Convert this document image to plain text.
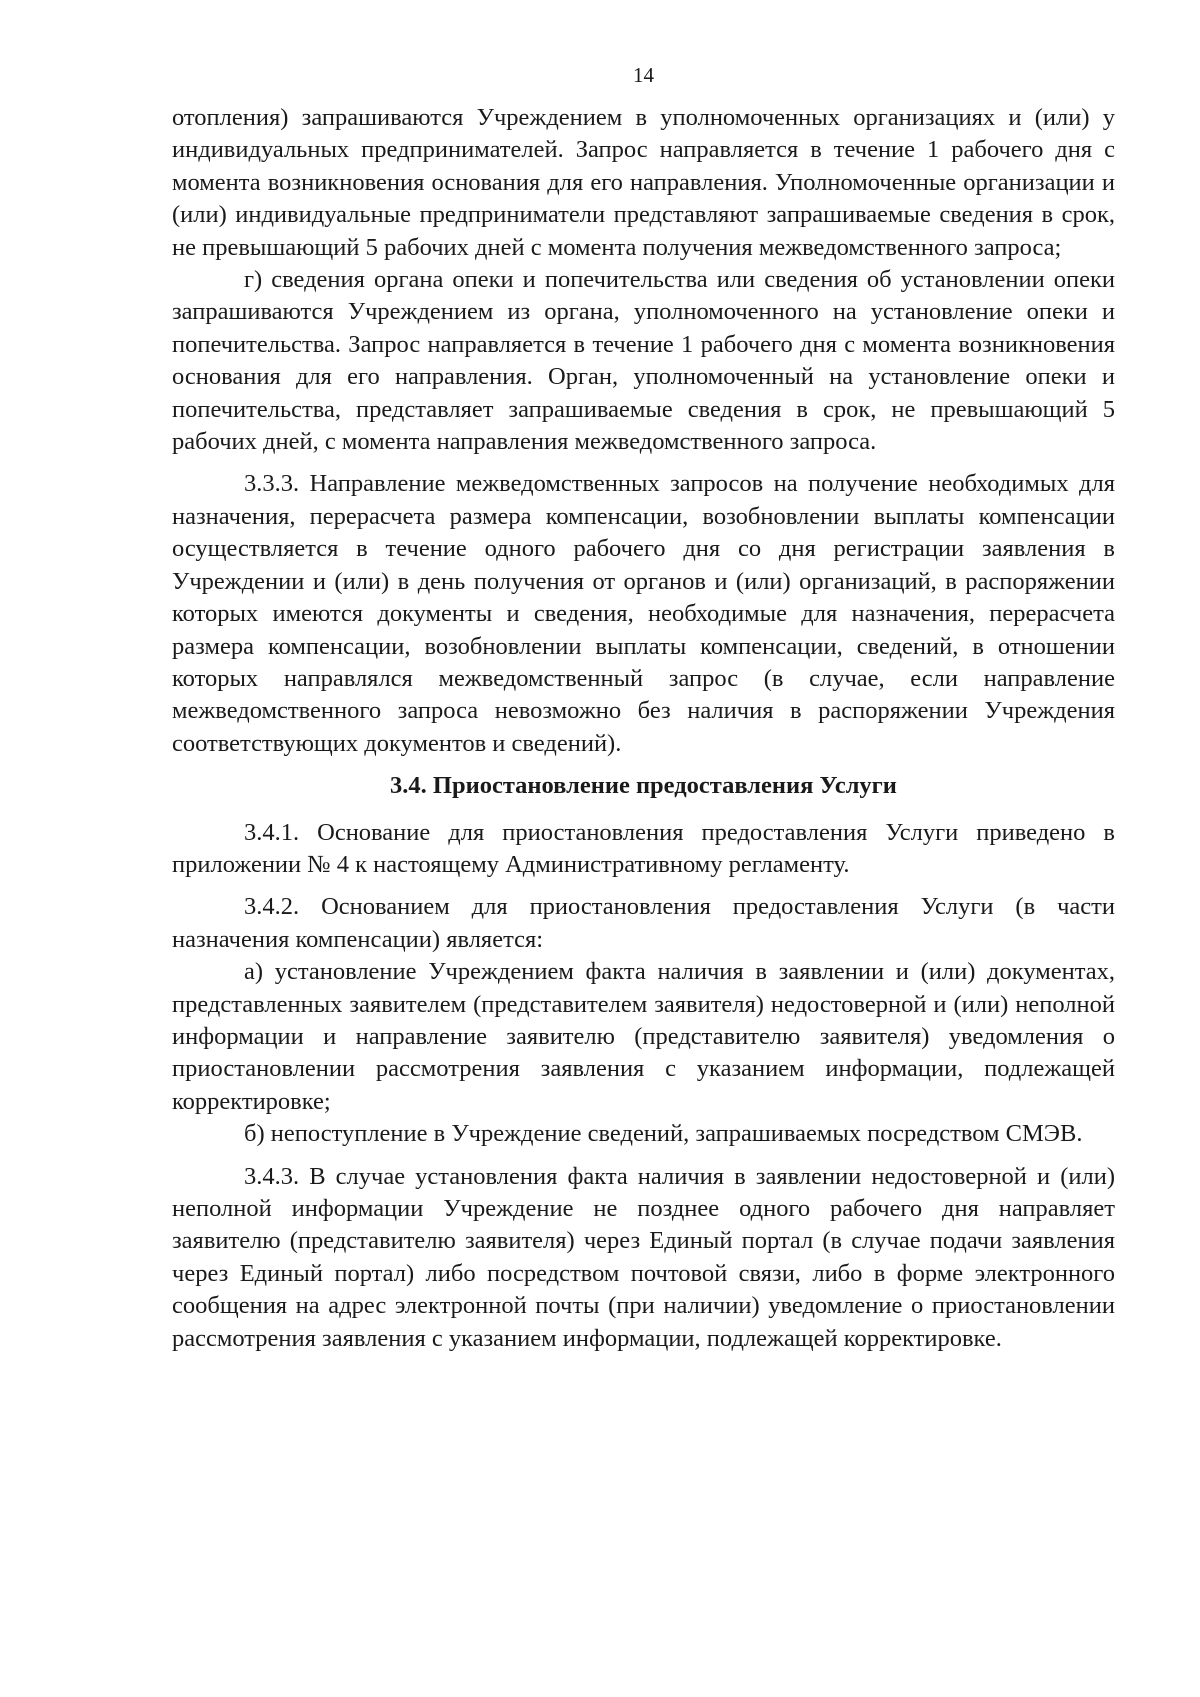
14

отопления) запрашиваются Учреждением в уполномоченных организациях и (или) у индивидуальных предпринимателей. Запрос направляется в течение 1 рабочего дня с момента возникновения основания для его направления. Уполномоченные организации и (или) индивидуальные предприниматели представляют запрашиваемые сведения в срок, не превышающий 5 рабочих дней с момента получения межведомственного запроса;

г) сведения органа опеки и попечительства или сведения об установлении опеки запрашиваются Учреждением из органа, уполномоченного на установление опеки и попечительства. Запрос направляется в течение 1 рабочего дня с момента возникновения основания для его направления. Орган, уполномоченный на установление опеки и попечительства, представляет запрашиваемые сведения в срок, не превышающий 5 рабочих дней, с момента направления межведомственного запроса.

3.3.3. Направление межведомственных запросов на получение необходимых для назначения, перерасчета размера компенсации, возобновлении выплаты компенсации осуществляется в течение одного рабочего дня со дня регистрации заявления в Учреждении и (или) в день получения от органов и (или) организаций, в распоряжении которых имеются документы и сведения, необходимые для назначения, перерасчета размера компенсации, возобновлении выплаты компенсации, сведений, в отношении которых направлялся межведомственный запрос (в случае, если направление межведомственного запроса невозможно без наличия в распоряжении Учреждения соответствующих документов и сведений).

3.4. Приостановление предоставления Услуги

3.4.1. Основание для приостановления предоставления Услуги приведено в приложении № 4 к настоящему Административному регламенту.

3.4.2. Основанием для приостановления предоставления Услуги (в части назначения компенсации) является:

а) установление Учреждением факта наличия в заявлении и (или) документах, представленных заявителем (представителем заявителя) недостоверной и (или) неполной информации и направление заявителю (представителю заявителя) уведомления о приостановлении рассмотрения заявления с указанием информации, подлежащей корректировке;

б) непоступление в Учреждение сведений, запрашиваемых посредством СМЭВ.

3.4.3. В случае установления факта наличия в заявлении недостоверной и (или) неполной информации Учреждение не позднее одного рабочего дня направляет заявителю (представителю заявителя) через Единый портал (в случае подачи заявления через Единый портал) либо посредством почтовой связи, либо в форме электронного сообщения на адрес электронной почты (при наличии) уведомление о приостановлении рассмотрения заявления с указанием информации, подлежащей корректировке.
